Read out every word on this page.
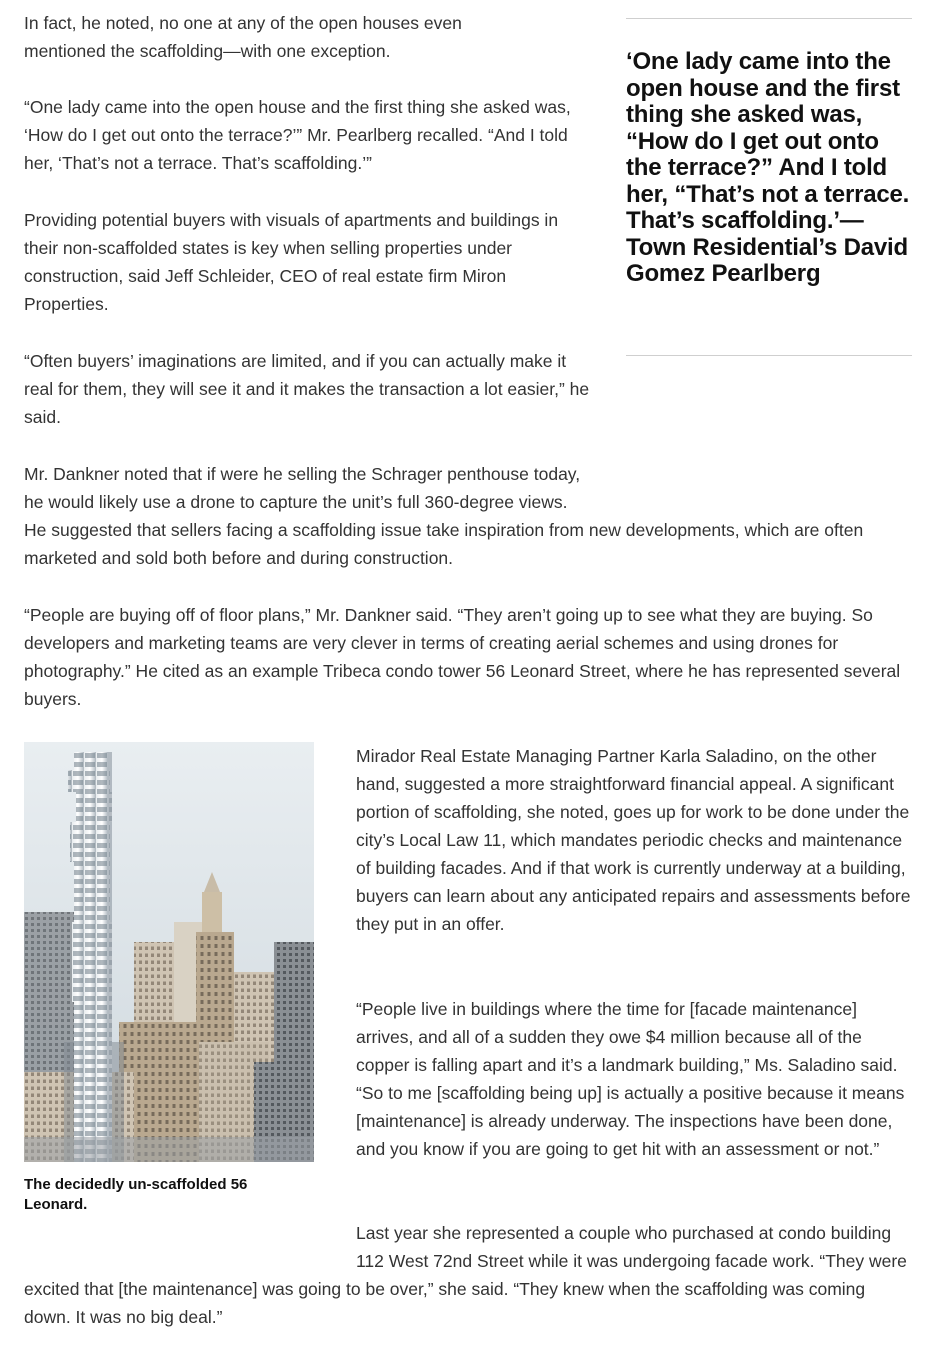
In fact, he noted, no one at any of the open houses even mentioned the scaffolding—with one exception.

“One lady came into the open house and the first thing she asked was, ‘How do I get out onto the terrace?’” Mr. Pearlberg recalled. “And I told her, ‘That’s not a terrace. That’s scaffolding.’”

Providing potential buyers with visuals of apartments and buildings in their non-scaffolded states is key when selling properties under construction, said Jeff Schleider, CEO of real estate firm Miron Properties.

“Often buyers’ imaginations are limited, and if you can actually make it real for them, they will see it and it makes the transaction a lot easier,” he said.

Mr. Dankner noted that if were he selling the Schrager penthouse today, he would likely use a drone to capture the unit’s full 360-degree views. He suggested that sellers facing a scaffolding issue take inspiration from new developments, which are often marketed and sold both before and during construction.

“People are buying off of floor plans,” Mr. Dankner said. “They aren’t going up to see what they are buying. So developers and marketing teams are very clever in terms of creating aerial schemes and using drones for photography.” He cited as an example Tribeca condo tower 56 Leonard Street, where he has represented several buyers.

Mirador Real Estate Managing Partner Karla Saladino, on the other hand, suggested a more straightforward financial appeal. A significant portion of scaffolding, she noted, goes up for work to be done under the city’s Local Law 11, which mandates periodic checks and maintenance of building facades. And if that work is currently underway at a building, buyers can learn about any anticipated repairs and assessments before they put in an offer.

“People live in buildings where the time for [facade maintenance] arrives, and all of a sudden they owe $4 million because all of the copper is falling apart and it’s a landmark building,” Ms. Saladino said. “So to me [scaffolding being up] is actually a positive because it means [maintenance] is already underway. The inspections have been done, and you know if you are going to get hit with an assessment or not.”

Last year she represented a couple who purchased at condo building 112 West 72nd Street while it was undergoing facade work. “They were excited that [the maintenance] was going to be over,” she said. “They knew when the scaffolding was coming down. It was no big deal.”

‘One lady came into the open house and the first thing she asked was, “How do I get out onto the terrace?” And I told her, “That’s not a terrace. That’s scaffolding.’—Town Residential’s David Gomez Pearlberg

The decidedly un-scaffolded 56 Leonard.
